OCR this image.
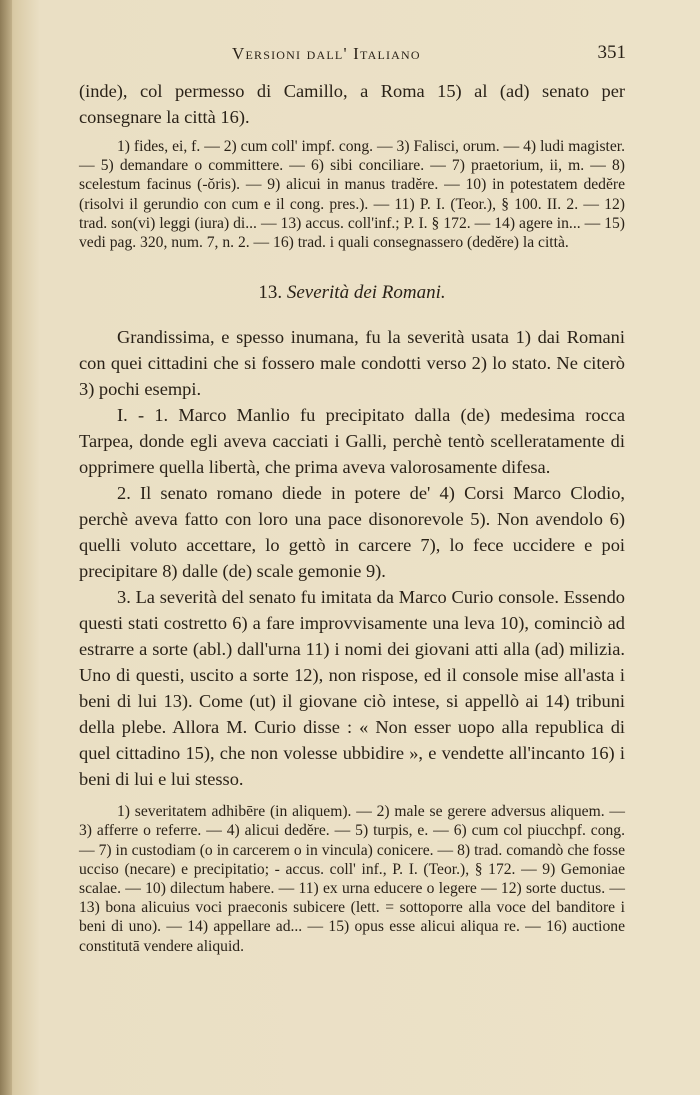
Versioni dall' Italiano	351

(inde), col permesso di Camillo, a Roma 15) al (ad) senato per consegnare la città 16).

1) fides, ei, f. — 2) cum coll' impf. cong. — 3) Falisci, orum. — 4) ludi magister. — 5) demandare o committere. — 6) sibi conciliare. — 7) praetorium, ii, m. — 8) scelestum facinus (-ŏris). — 9) alicui in manus tradĕre. — 10) in potestatem dedĕre (risolvi il gerundio con cum e il cong. pres.). — 11) P. I. (Teor.), § 100. II. 2. — 12) trad. son(vi) leggi (iura) di... — 13) accus. coll'inf.; P. I. § 172. — 14) agere in... — 15) vedi pag. 320, num. 7, n. 2. — 16) trad. i quali consegnassero (dedĕre) la città.

13. Severità dei Romani.

Grandissima, e spesso inumana, fu la severità usata 1) dai Romani con quei cittadini che si fossero male condotti verso 2) lo stato. Ne citerò 3) pochi esempi.

I. - 1. Marco Manlio fu precipitato dalla (de) medesima rocca Tarpea, donde egli aveva cacciati i Galli, perchè tentò scelleratamente di opprimere quella libertà, che prima aveva valorosamente difesa.

2. Il senato romano diede in potere de' 4) Corsi Marco Clodio, perchè aveva fatto con loro una pace disonorevole 5). Non avendolo 6) quelli voluto accettare, lo gettò in carcere 7), lo fece uccidere e poi precipitare 8) dalle (de) scale gemonie 9).

3. La severità del senato fu imitata da Marco Curio console. Essendo questi stati costretto 6) a fare improvvisamente una leva 10), cominciò ad estrarre a sorte (abl.) dall'urna 11) i nomi dei giovani atti alla (ad) milizia. Uno di questi, uscito a sorte 12), non rispose, ed il console mise all'asta i beni di lui 13). Come (ut) il giovane ciò intese, si appellò ai 14) tribuni della plebe. Allora M. Curio disse : « Non esser uopo alla republica di quel cittadino 15), che non volesse ubbidire », e vendette all'incanto 16) i beni di lui e lui stesso.

1) severitatem adhibēre (in aliquem). — 2) male se gerere adversus aliquem. — 3) afferre o referre. — 4) alicui dedĕre. — 5) turpis, e. — 6) cum col piucchpf. cong. — 7) in custodiam (o in carcerem o in vincula) conicere. — 8) trad. comandò che fosse ucciso (necare) e precipitatio; - accus. coll' inf., P. I. (Teor.), § 172. — 9) Gemoniae scalae. — 10) dilectum habere. — 11) ex urna educere o legere — 12) sorte ductus. — 13) bona alicuius voci praeconis subicere (lett. = sottoporre alla voce del banditore i beni di uno). — 14) appellare ad... — 15) opus esse alicui aliqua re. — 16) auctione constitutā vendere aliquid.
